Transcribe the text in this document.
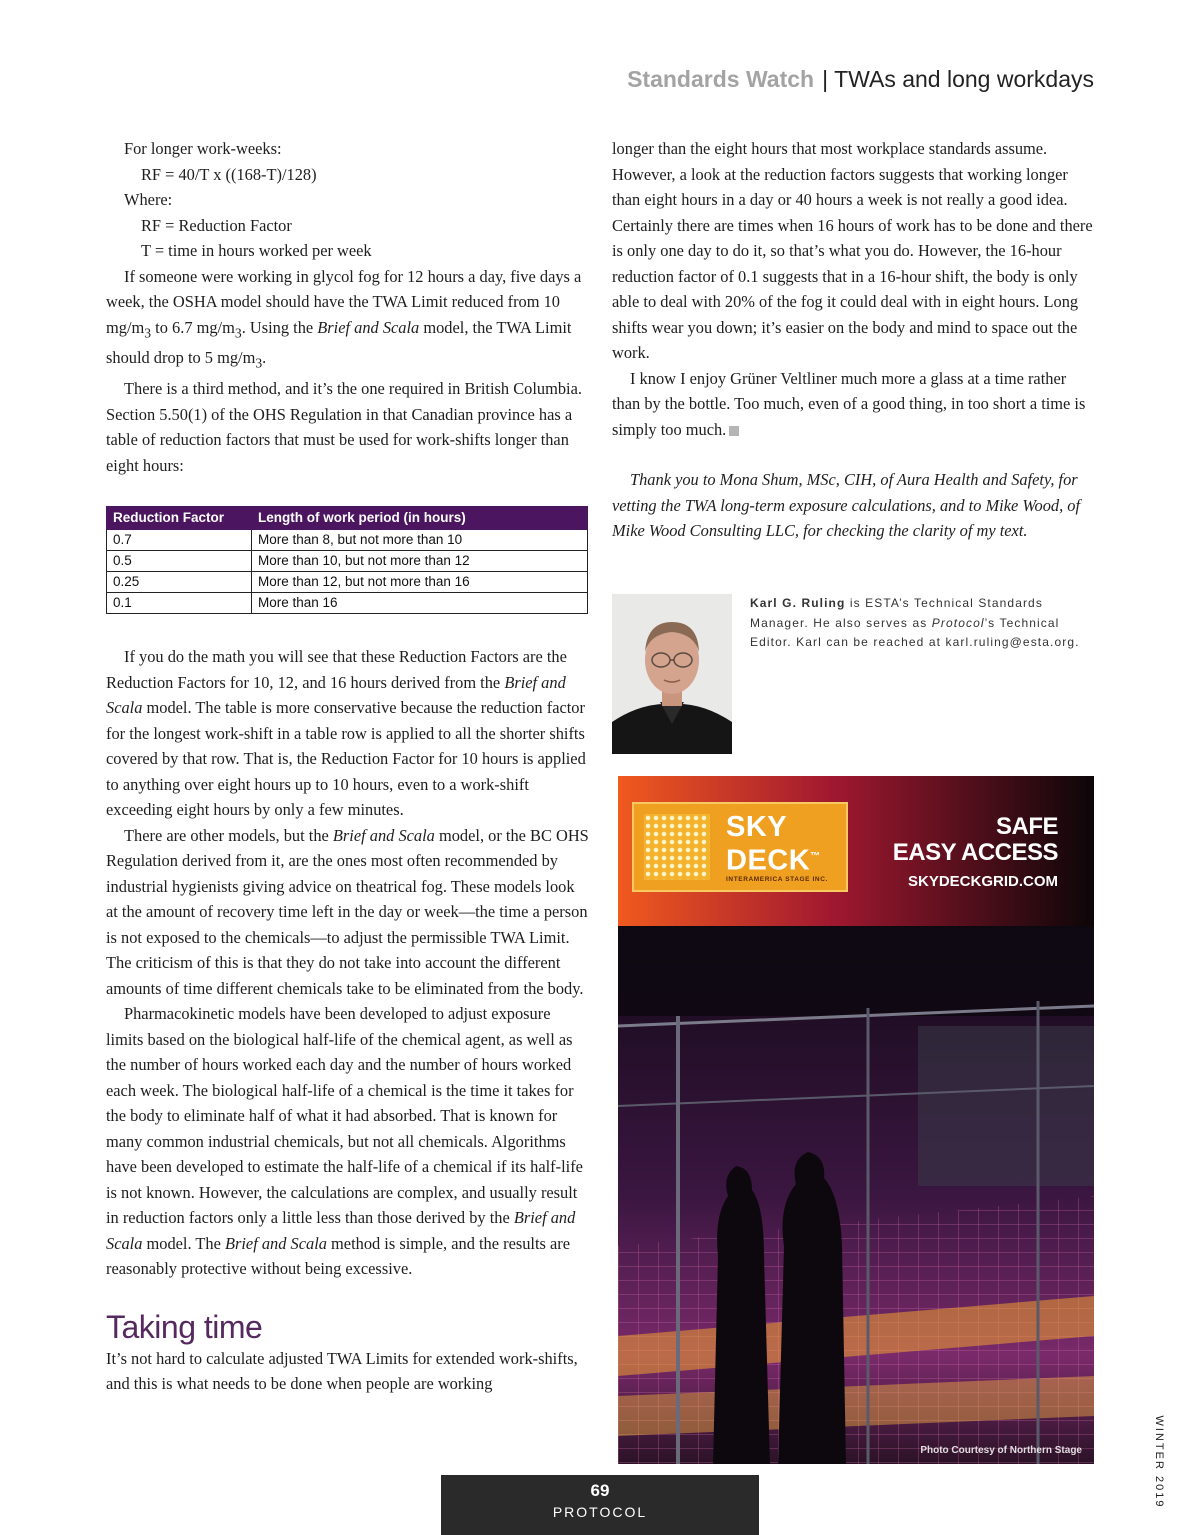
Standards Watch | TWAs and long workdays

For longer work-weeks:

RF = 40/T x ((168-T)/128)

Where:

RF = Reduction Factor

T = time in hours worked per week

If someone were working in glycol fog for 12 hours a day, five days a week, the OSHA model should have the TWA Limit reduced from 10 $mg/m_3$ to 6.7 $mg/m_3$. Using the Brief and Scala model, the TWA Limit should drop to 5 $mg/m_3$.

There is a third method, and it’s the one required in British Columbia. Section 5.50(1) of the OHS Regulation in that Canadian province has a table of reduction factors that must be used for work-shifts longer than eight hours:

Reduction Factor	Length of work period (in hours)
0.7	More than 8, but not more than 10
0.5	More than 10, but not more than 12
0.25	More than 12, but not more than 16
0.1	More than 16

If you do the math you will see that these Reduction Factors are the Reduction Factors for 10, 12, and 16 hours derived from the Brief and Scala model. The table is more conservative because the reduction factor for the longest work-shift in a table row is applied to all the shorter shifts covered by that row. That is, the Reduction Factor for 10 hours is applied to anything over eight hours up to 10 hours, even to a work-shift exceeding eight hours by only a few minutes.

There are other models, but the Brief and Scala model, or the BC OHS Regulation derived from it, are the ones most often recommended by industrial hygienists giving advice on theatrical fog. These models look at the amount of recovery time left in the day or week—the time a person is not exposed to the chemicals—to adjust the permissible TWA Limit. The criticism of this is that they do not take into account the different amounts of time different chemicals take to be eliminated from the body.

Pharmacokinetic models have been developed to adjust exposure limits based on the biological half-life of the chemical agent, as well as the number of hours worked each day and the number of hours worked each week. The biological half-life of a chemical is the time it takes for the body to eliminate half of what it had absorbed. That is known for many common industrial chemicals, but not all chemicals. Algorithms have been developed to estimate the half-life of a chemical if its half-life is not known. However, the calculations are complex, and usually result in reduction factors only a little less than those derived by the Brief and Scala model. The Brief and Scala method is simple, and the results are reasonably protective without being excessive.

Taking time

It’s not hard to calculate adjusted TWA Limits for extended work-shifts, and this is what needs to be done when people are working

longer than the eight hours that most workplace standards assume. However, a look at the reduction factors suggests that working longer than eight hours in a day or 40 hours a week is not really a good idea. Certainly there are times when 16 hours of work has to be done and there is only one day to do it, so that’s what you do. However, the 16-hour reduction factor of 0.1 suggests that in a 16-hour shift, the body is only able to deal with 20% of the fog it could deal with in eight hours. Long shifts wear you down; it’s easier on the body and mind to space out the work.

I know I enjoy Grüner Veltliner much more a glass at a time rather than by the bottle. Too much, even of a good thing, in too short a time is simply too much.

Thank you to Mona Shum, MSc, CIH, of Aura Health and Safety, for vetting the TWA long-term exposure calculations, and to Mike Wood, of Mike Wood Consulting LLC, for checking the clarity of my text.

Karl G. Ruling is ESTA’s Technical Standards Manager. He also serves as Protocol’s Technical Editor. Karl can be reached at karl.ruling@esta.org.
SKY
DECK™
INTERAMERICA STAGE INC.
SAFE
EASY ACCESS
SKYDECKGRID.COM
Photo Courtesy of Northern Stage	WINTER 2019
69
PROTOCOL
